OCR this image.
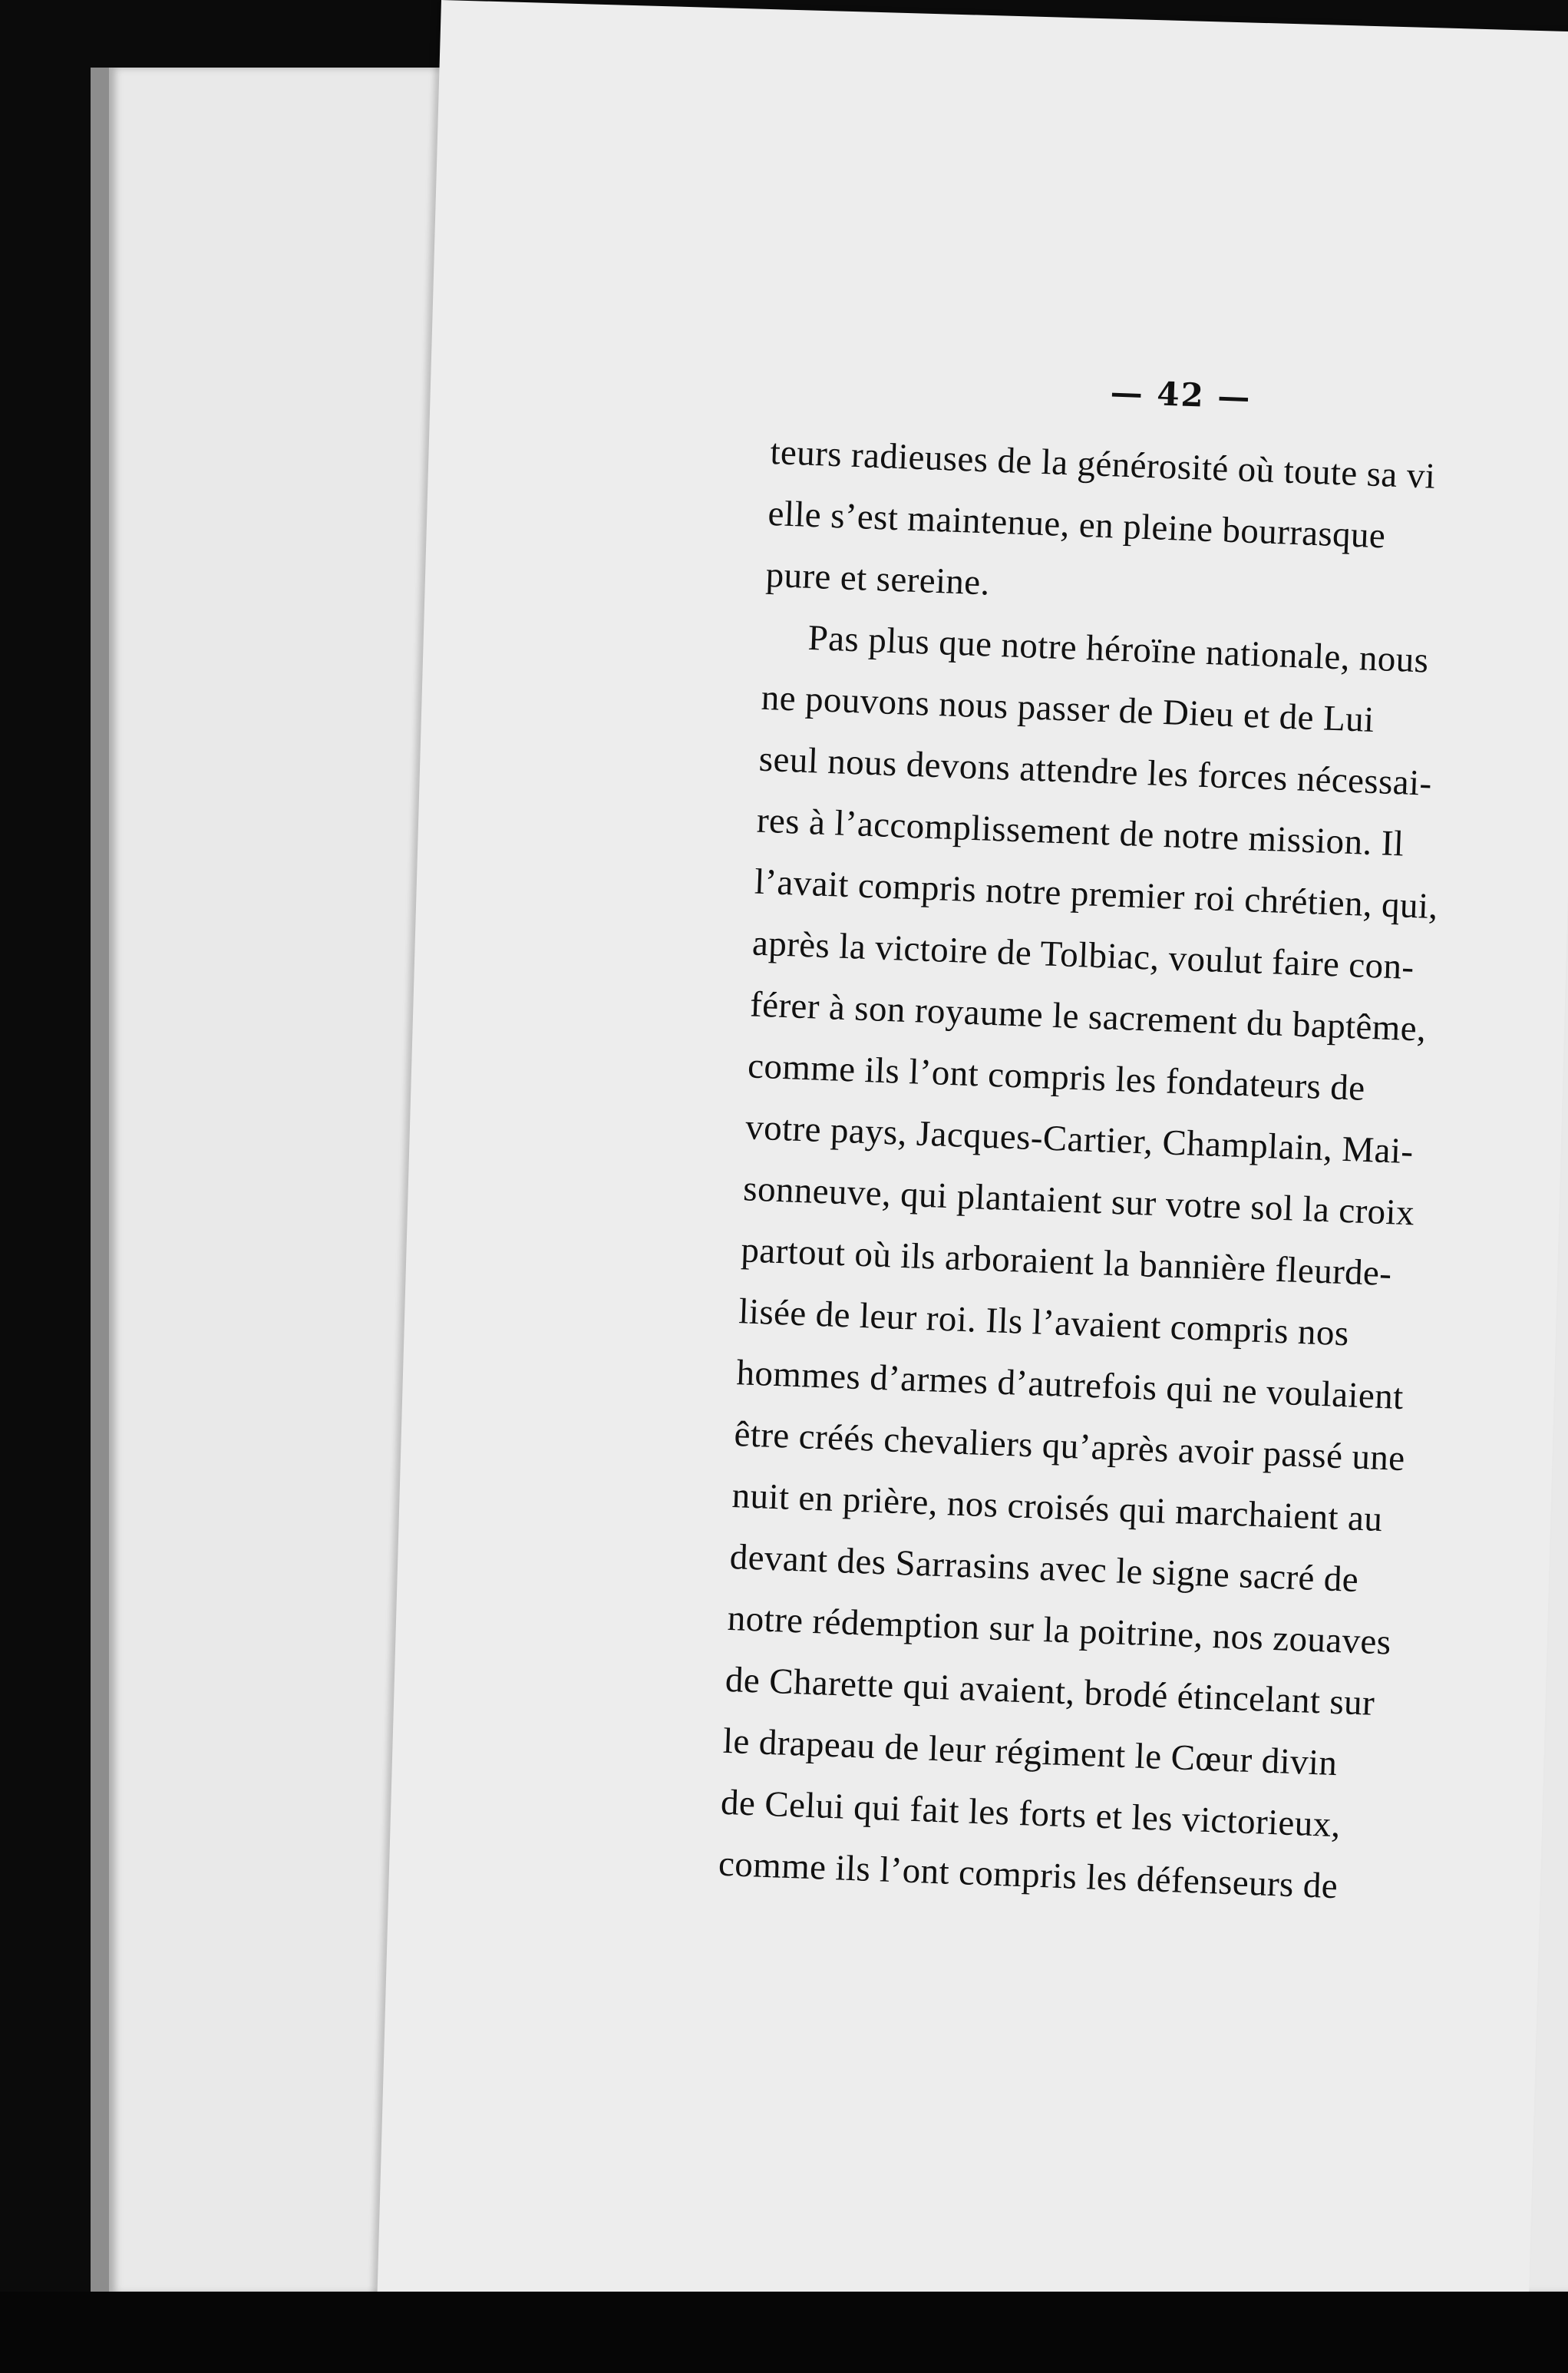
— 42 —
teurs radieuses de la générosité où toute sa vi
elle s’est maintenue, en pleine bourrasque
pure et sereine.
Pas plus que notre héroïne nationale, nous
ne pouvons nous passer de Dieu et de Lui
seul nous devons attendre les forces nécessai-
res à l’accomplissement de notre mission. Il
l’avait compris notre premier roi chrétien, qui,
après la victoire de Tolbiac, voulut faire con-
férer à son royaume le sacrement du baptême,
comme ils l’ont compris les fondateurs de
votre pays, Jacques-Cartier, Champlain, Mai-
sonneuve, qui plantaient sur votre sol la croix
partout où ils arboraient la bannière fleurde-
lisée de leur roi. Ils l’avaient compris nos
hommes d’armes d’autrefois qui ne voulaient
être créés chevaliers qu’après avoir passé une
nuit en prière, nos croisés qui marchaient au
devant des Sarrasins avec le signe sacré de
notre rédemption sur la poitrine, nos zouaves
de Charette qui avaient, brodé étincelant sur
le drapeau de leur régiment le Cœur divin
de Celui qui fait les forts et les victorieux,
comme ils l’ont compris les défenseurs de
